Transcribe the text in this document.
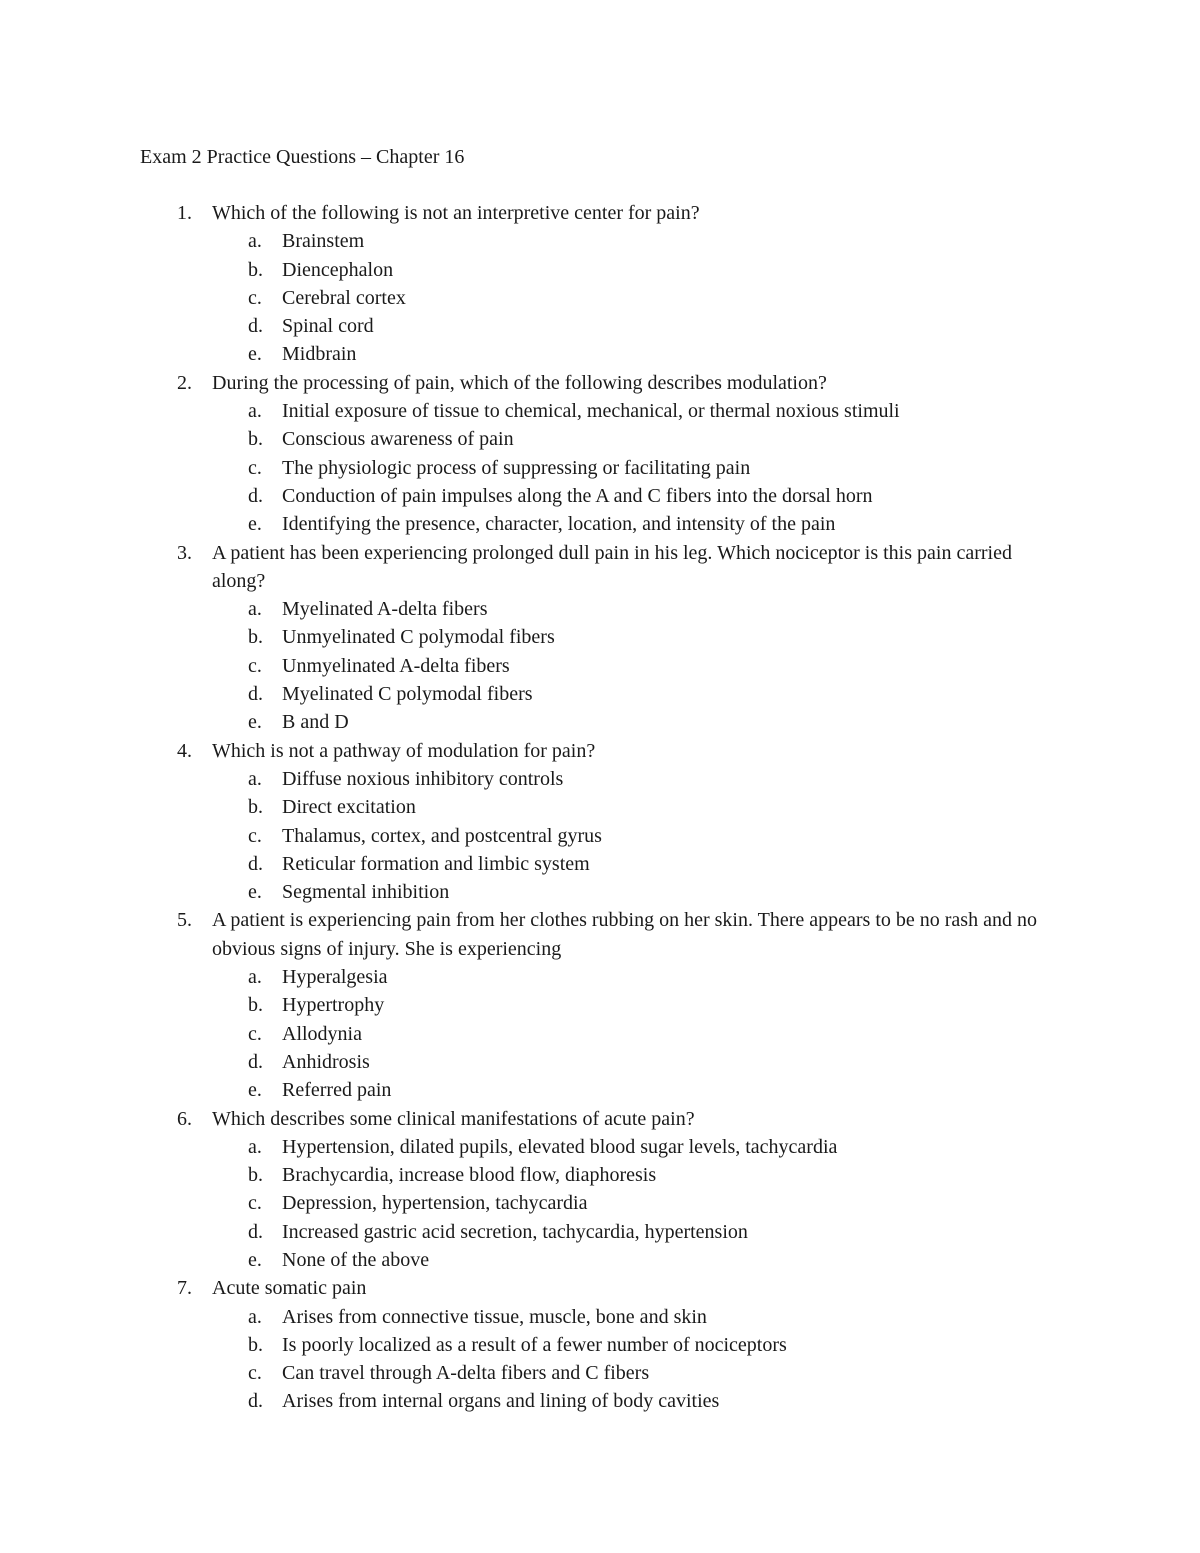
Exam 2 Practice Questions – Chapter 16
1. Which of the following is not an interpretive center for pain?
a. Brainstem
b. Diencephalon
c. Cerebral cortex
d. Spinal cord
e. Midbrain
2. During the processing of pain, which of the following describes modulation?
a. Initial exposure of tissue to chemical, mechanical, or thermal noxious stimuli
b. Conscious awareness of pain
c. The physiologic process of suppressing or facilitating pain
d. Conduction of pain impulses along the A and C fibers into the dorsal horn
e. Identifying the presence, character, location, and intensity of the pain
3. A patient has been experiencing prolonged dull pain in his leg. Which nociceptor is this pain carried along?
a. Myelinated A-delta fibers
b. Unmyelinated C polymodal fibers
c. Unmyelinated A-delta fibers
d. Myelinated C polymodal fibers
e. B and D
4. Which is not a pathway of modulation for pain?
a. Diffuse noxious inhibitory controls
b. Direct excitation
c. Thalamus, cortex, and postcentral gyrus
d. Reticular formation and limbic system
e. Segmental inhibition
5. A patient is experiencing pain from her clothes rubbing on her skin. There appears to be no rash and no obvious signs of injury. She is experiencing
a. Hyperalgesia
b. Hypertrophy
c. Allodynia
d. Anhidrosis
e. Referred pain
6. Which describes some clinical manifestations of acute pain?
a. Hypertension, dilated pupils, elevated blood sugar levels, tachycardia
b. Brachycardia, increase blood flow, diaphoresis
c. Depression, hypertension, tachycardia
d. Increased gastric acid secretion, tachycardia, hypertension
e. None of the above
7. Acute somatic pain
a. Arises from connective tissue, muscle, bone and skin
b. Is poorly localized as a result of a fewer number of nociceptors
c. Can travel through A-delta fibers and C fibers
d. Arises from internal organs and lining of body cavities
